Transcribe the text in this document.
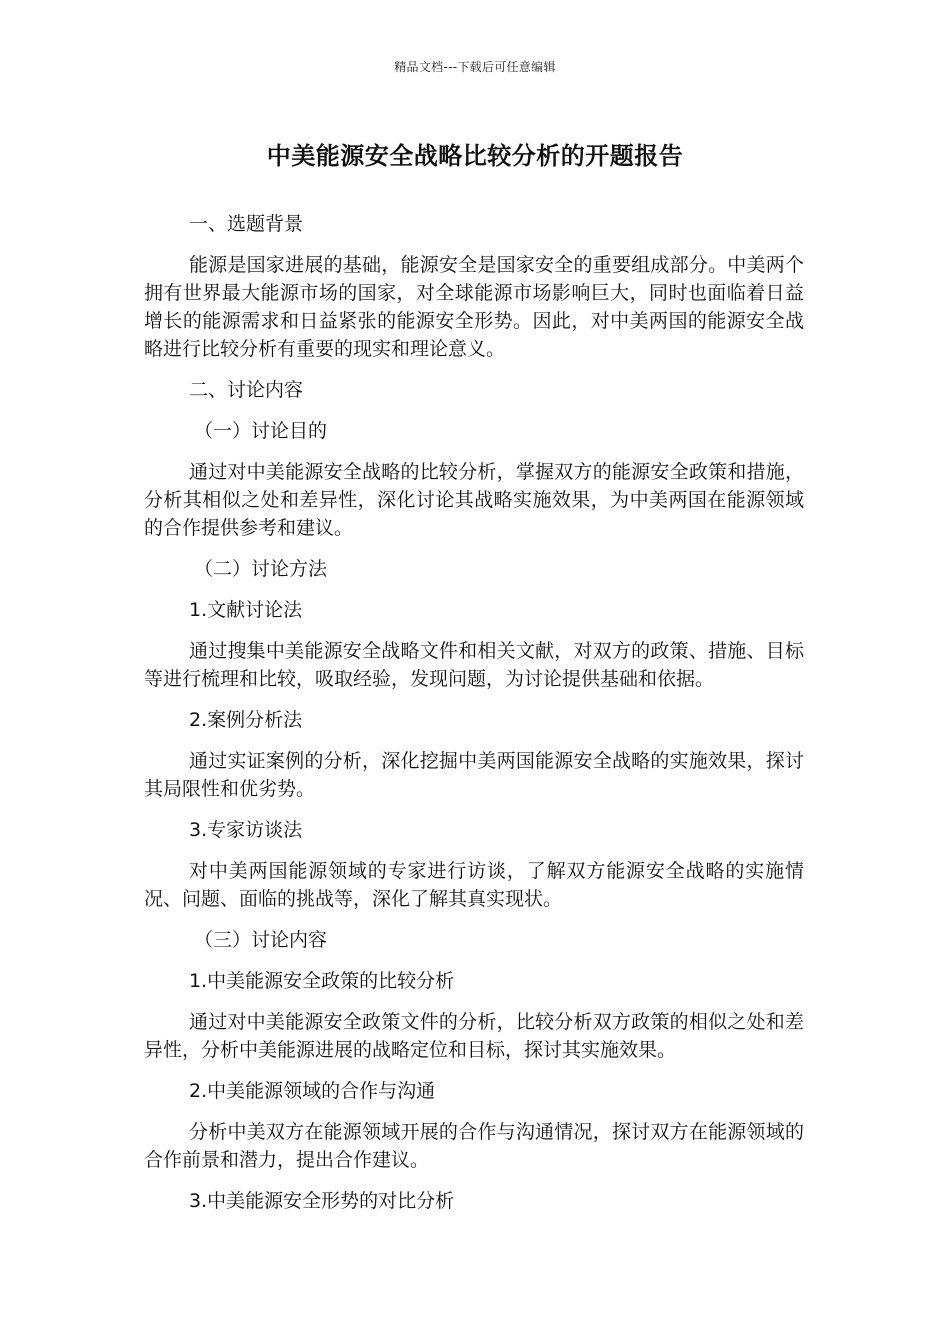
精品文档---下载后可任意编辑
中美能源安全战略比较分析的开题报告

一、选题背景

能源是国家进展的基础，能源安全是国家安全的重要组成部分。中美两个拥有世界最大能源市场的国家，对全球能源市场影响巨大，同时也面临着日益增长的能源需求和日益紧张的能源安全形势。因此，对中美两国的能源安全战略进行比较分析有重要的现实和理论意义。

二、讨论内容

（一）讨论目的

通过对中美能源安全战略的比较分析，掌握双方的能源安全政策和措施，分析其相似之处和差异性，深化讨论其战略实施效果，为中美两国在能源领域的合作提供参考和建议。

（二）讨论方法

1.文献讨论法

通过搜集中美能源安全战略文件和相关文献，对双方的政策、措施、目标等进行梳理和比较，吸取经验，发现问题，为讨论提供基础和依据。

2.案例分析法

通过实证案例的分析，深化挖掘中美两国能源安全战略的实施效果，探讨其局限性和优劣势。

3.专家访谈法

对中美两国能源领域的专家进行访谈，了解双方能源安全战略的实施情况、问题、面临的挑战等，深化了解其真实现状。

（三）讨论内容

1.中美能源安全政策的比较分析

通过对中美能源安全政策文件的分析，比较分析双方政策的相似之处和差异性，分析中美能源进展的战略定位和目标，探讨其实施效果。

2.中美能源领域的合作与沟通

分析中美双方在能源领域开展的合作与沟通情况，探讨双方在能源领域的合作前景和潜力，提出合作建议。

3.中美能源安全形势的对比分析
